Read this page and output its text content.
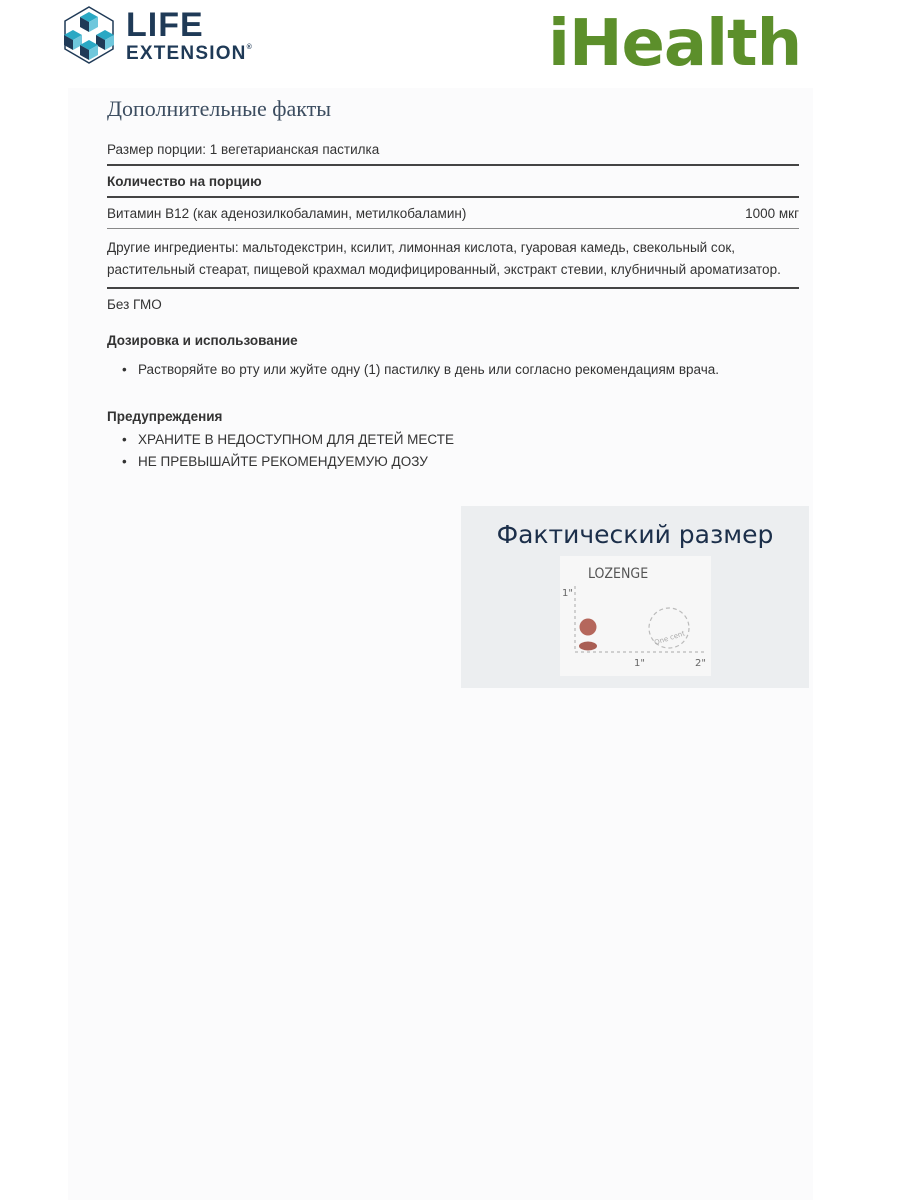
LIFE
EXTENSION®	iHealth
Дополнительные факты
Размер порции: 1 вегетарианская пастилка
Количество на порцию
Витамин B12 (как аденозилкобаламин, метилкобаламин)	1000 мкг
Другие ингредиенты: мальтодекстрин, ксилит, лимонная кислота, гуаровая камедь, свекольный сок, растительный стеарат, пищевой крахмал модифицированный, экстракт стевии, клубничный ароматизатор.
Без ГМО
Дозировка и использование
• Растворяйте во рту или жуйте одну (1) пастилку в день или согласно рекомендациям врача.
Предупреждения
• ХРАНИТЕ В НЕДОСТУПНОМ ДЛЯ ДЕТЕЙ МЕСТЕ
• НЕ ПРЕВЫШАЙТЕ РЕКОМЕНДУЕМУЮ ДОЗУ
Фактический размер
LOZENGE
1"
1"	2"
One cent
